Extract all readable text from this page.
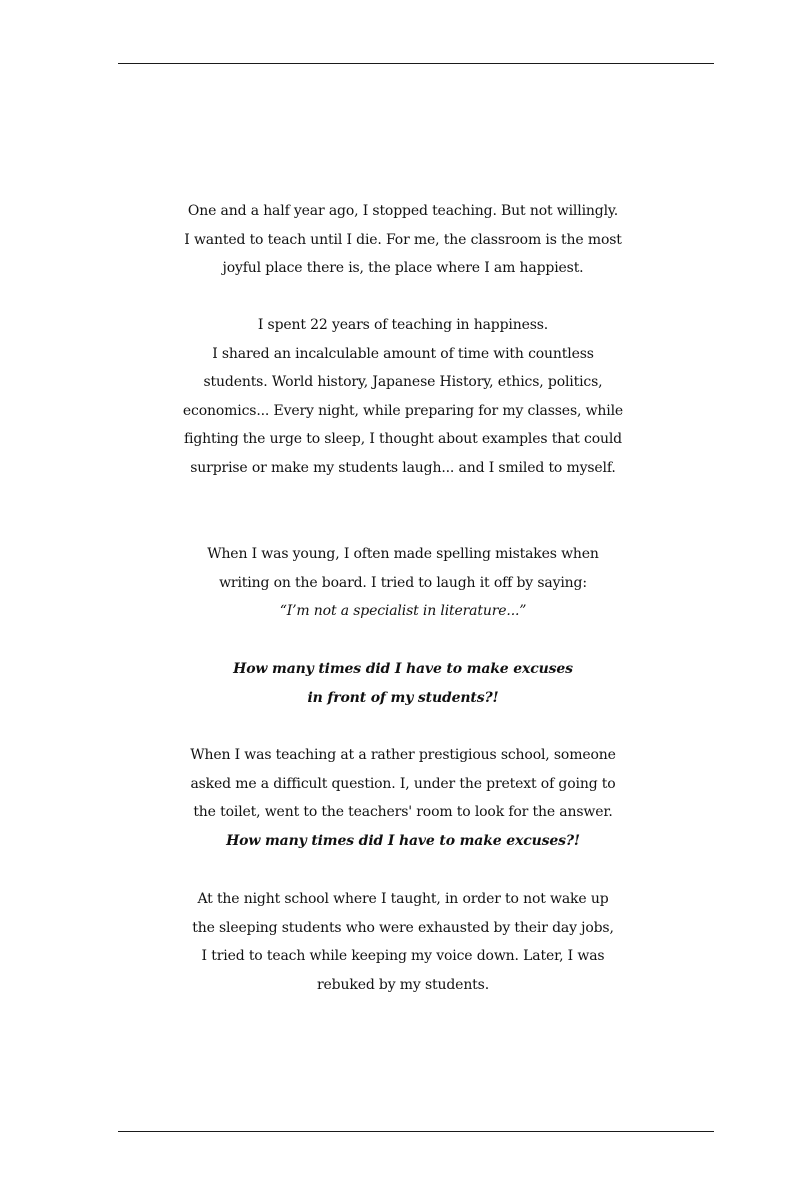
One and a half year ago, I stopped teaching. But not willingly.
I wanted to teach until I die. For me, the classroom is the most
joyful place there is, the place where I am happiest.
I spent 22 years of teaching in happiness.
I shared an incalculable amount of time with countless
students. World history, Japanese History, ethics, politics,
economics... Every night, while preparing for my classes, while
fighting the urge to sleep, I thought about examples that could
surprise or make my students laugh... and I smiled to myself.
When I was young, I often made spelling mistakes when
writing on the board. I tried to laugh it off by saying:
“I’m not a specialist in literature...”
How many times did I have to make excuses
in front of my students?!
When I was teaching at a rather prestigious school, someone
asked me a difficult question. I, under the pretext of going to
the toilet, went to the teachers' room to look for the answer.
How many times did I have to make excuses?!
At the night school where I taught, in order to not wake up
the sleeping students who were exhausted by their day jobs,
I tried to teach while keeping my voice down. Later, I was
rebuked by my students.
